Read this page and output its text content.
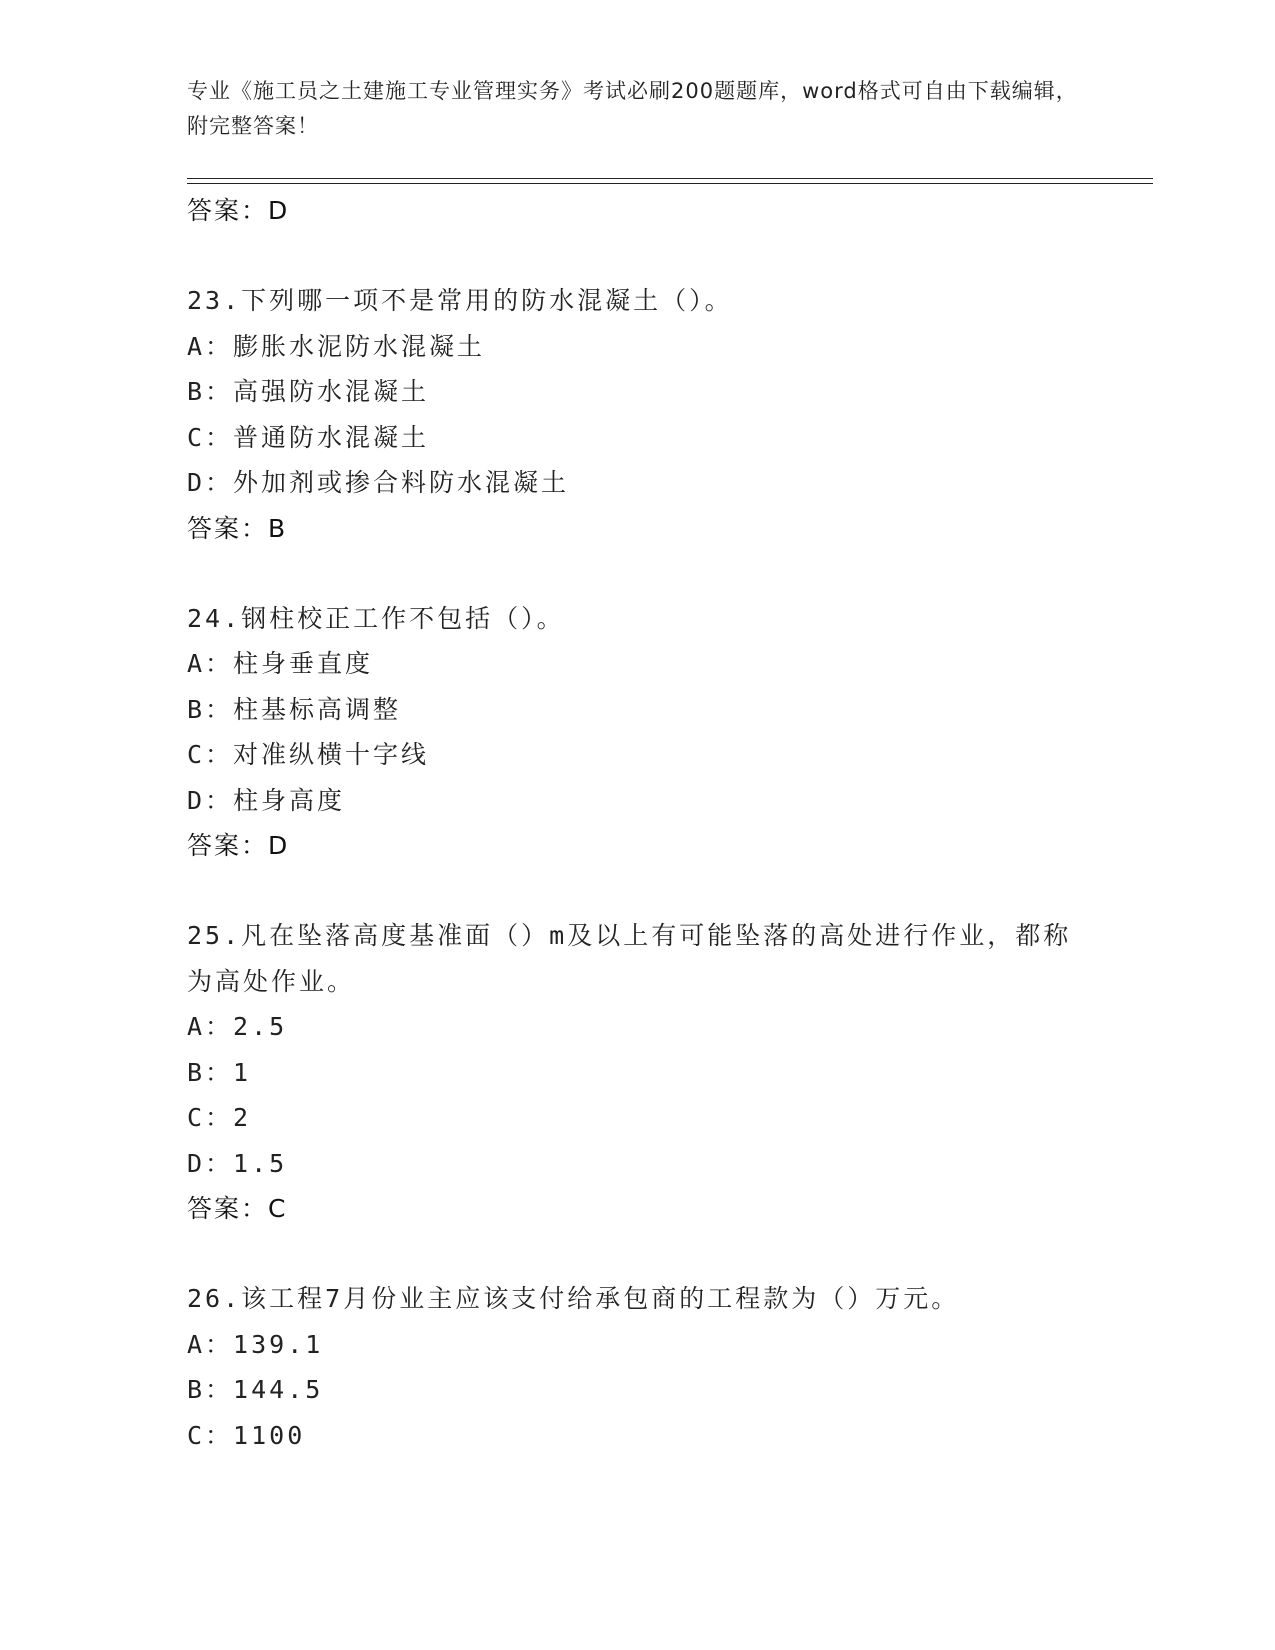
专业《施工员之土建施工专业管理实务》考试必刷200题题库，word格式可自由下载编辑，附完整答案！
答案：D
23.下列哪一项不是常用的防水混凝土（）。
A：膨胀水泥防水混凝土
B：高强防水混凝土
C：普通防水混凝土
D：外加剂或掺合料防水混凝土
答案：B
24.钢柱校正工作不包括（）。
A：柱身垂直度
B：柱基标高调整
C：对准纵横十字线
D：柱身高度
答案：D
25.凡在坠落高度基准面（）m及以上有可能坠落的高处进行作业，都称为高处作业。
A：2.5
B：1
C：2
D：1.5
答案：C
26.该工程7月份业主应该支付给承包商的工程款为（）万元。
A：139.1
B：144.5
C：1100
